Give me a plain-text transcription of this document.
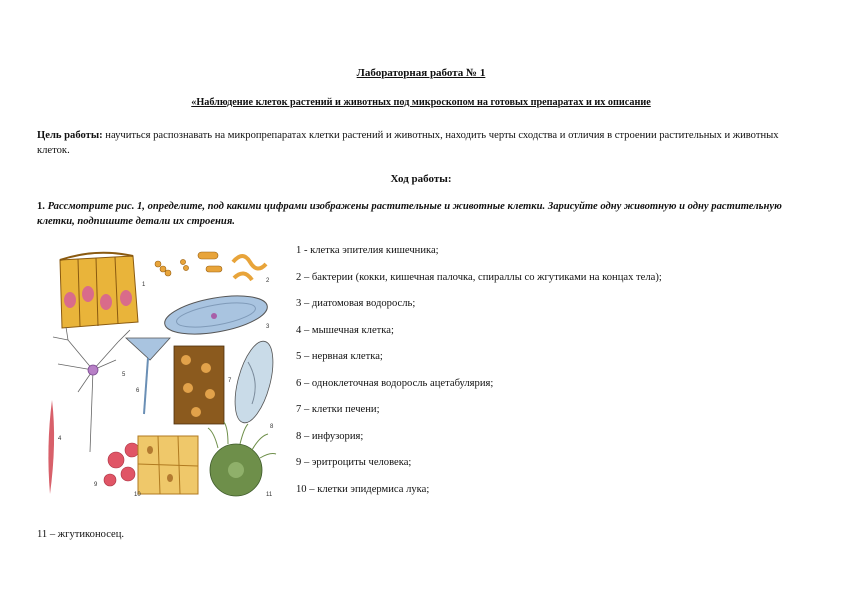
Лабораторная работа № 1
«Наблюдение клеток растений и животных под микроскопом на готовых препаратах и их описание
Цель работы: научиться распознавать на микропрепаратах клетки растений и животных, находить черты сходства и отличия в строении растительных и животных клеток.
Ход работы:
1. Рассмотрите рис. 1, определите, под какими цифрами изображены растительные и животные клетки. Зарисуйте одну животную и одну растительную клетки, подпишите детали их строения.
1
2
3
5
6
7
8
4
9
10	11
1 - клетка эпителия кишечника;
2 – бактерии (кокки, кишечная палочка, спираллы со жгутиками на концах тела);
3 – диатомовая водоросль;
4 – мышечная клетка;
5 – нервная клетка;
6 – одноклеточная водоросль ацетабулярия;
7 – клетки печени;
8 – инфузория;
9 – эритроциты человека;
10 – клетки эпидермиса лука;
11 – жгутиконосец.
